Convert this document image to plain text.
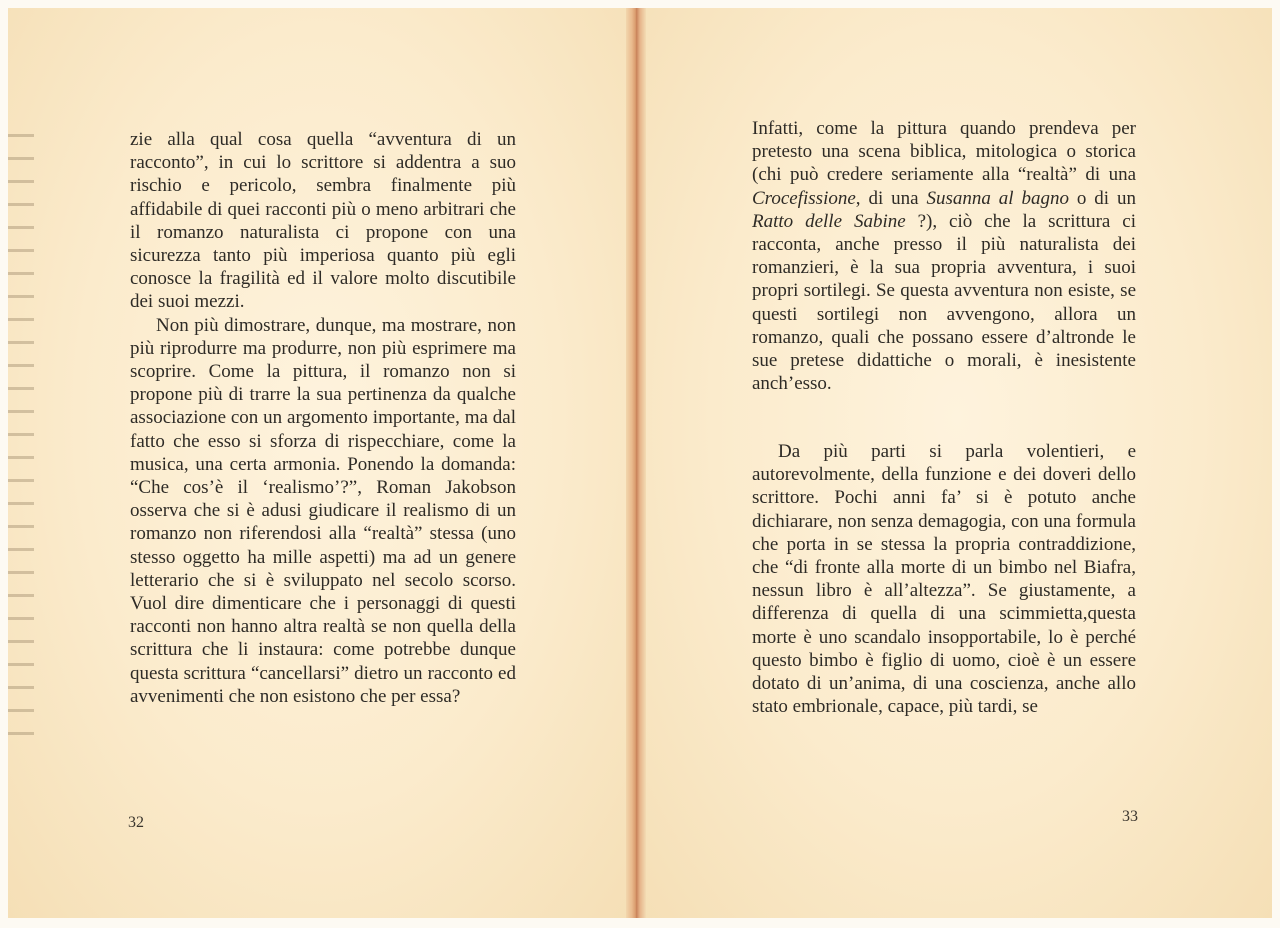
zie alla qual cosa quella “avventura di un racconto”, in cui lo scrittore si addentra a suo rischio e pericolo, sembra finalmente più affidabile di quei racconti più o meno arbitrari che il romanzo naturalista ci propone con una sicurezza tanto più imperiosa quanto più egli conosce la fragilità ed il valore molto discutibile dei suoi mezzi.

Non più dimostrare, dunque, ma mostrare, non più riprodurre ma produrre, non più esprimere ma scoprire. Come la pittura, il romanzo non si propone più di trarre la sua pertinenza da qualche associazione con un argomento importante, ma dal fatto che esso si sforza di rispecchiare, come la musica, una certa armonia. Ponendo la domanda: “Che cos’è il ‘realismo’?”, Roman Jakobson osserva che si è adusi giudicare il realismo di un romanzo non riferendosi alla “realtà” stessa (uno stesso oggetto ha mille aspetti) ma ad un genere letterario che si è sviluppato nel secolo scorso. Vuol dire dimenticare che i personaggi di questi racconti non hanno altra realtà se non quella della scrittura che li instaura: come potrebbe dunque questa scrittura “cancellarsi” dietro un racconto ed avvenimenti che non esistono che per essa?

32

Infatti, come la pittura quando prendeva per pretesto una scena biblica, mitologica o storica (chi può credere seriamente alla “realtà” di una Crocefissione, di una Susanna al bagno o di un Ratto delle Sabine ?), ciò che la scrittura ci racconta, anche presso il più naturalista dei romanzieri, è la sua propria avventura, i suoi propri sortilegi. Se questa avventura non esiste, se questi sortilegi non avvengono, allora un romanzo, quali che possano essere d’altronde le sue pretese didattiche o morali, è inesistente anch’esso.

Da più parti si parla volentieri, e autorevolmente, della funzione e dei doveri dello scrittore. Pochi anni fa’ si è potuto anche dichiarare, non senza demagogia, con una formula che porta in se stessa la propria contraddizione, che “di fronte alla morte di un bimbo nel Biafra, nessun libro è all’altezza”. Se giustamente, a differenza di quella di una scimmietta,questa morte è uno scandalo insopportabile, lo è perché questo bimbo è figlio di uomo, cioè è un essere dotato di un’anima, di una coscienza, anche allo stato embrionale, capace, più tardi, se

33
